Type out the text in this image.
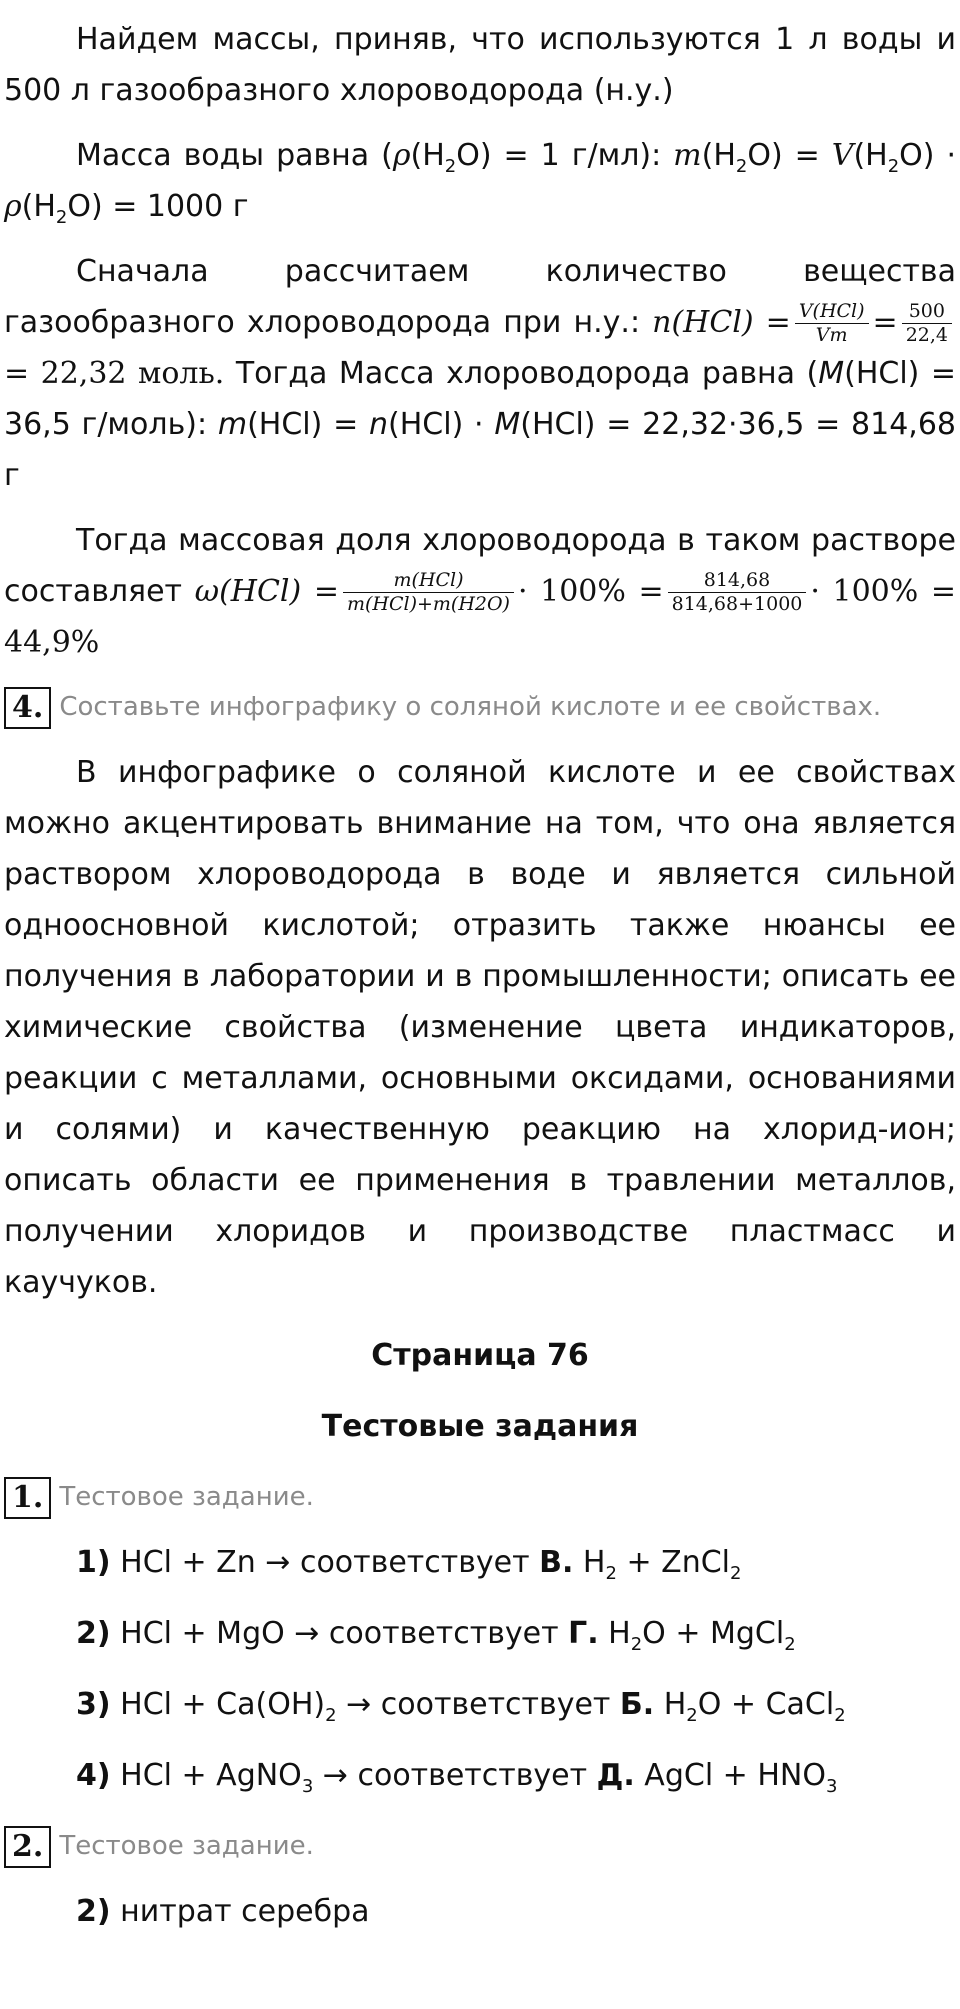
Найдем массы, приняв, что используются 1 л воды и 500 л газообразного хлороводорода (н.у.)

Масса воды равна ($\rho(H_2O) = 1$ г/мл): $m(H_2O) = V(H_2O) \cdot \rho(H_2O) = 1000$ г

Сначала рассчитаем количество вещества газообразного хлороводорода при н.у.: $n(HCl) = \frac{\text{V(HCl)}}{Vm} = \frac{500}{22,4}$
= 22,32 моль. Тогда Масса хлороводорода равна (M(HCl) = 36,5 г/моль): m(HCl) = n(HCl) · M(HCl) = 22,32·36,5 = 814,68 г

Тогда массовая доля хлороводорода в таком растворе составляет $\omega(HCl) = \frac{\text{m(HCl)}}{\text{m(HCl)+m(H2O)}} \cdot 100\% = \frac{814,68}{814,68+1000} \cdot 100\% = 44,9\%$

4. Составьте инфографику о соляной кислоте и ее свойствах.

В инфографике о соляной кислоте и ее свойствах можно акцентировать внимание на том, что она является раствором хлороводорода в воде и является сильной одноосновной кислотой; отразить также нюансы ее получения в лаборатории и в промышленности; описать ее химические свойства (изменение цвета индикаторов, реакции с металлами, основными оксидами, основаниями и солями) и качественную реакцию на хлорид-ион; описать области ее применения в травлении металлов, получении хлоридов и производстве пластмасс и каучуков.

Страница 76
Тестовые задания
1. Тестовое задание.
1) HCl + Zn → соответствует В. $H_2$ + ZnCl$_2$
2) HCl + MgO → соответствует Г. $H_2O$ + MgCl$_2$
3) HCl + $Ca(OH)_2$ → соответствует Б. $H_2O$ + CaCl$_2$
4) HCl + AgNO$_3$ → соответствует Д. AgCl + $HNO_3$
2. Тестовое задание.
2) нитрат серебра
